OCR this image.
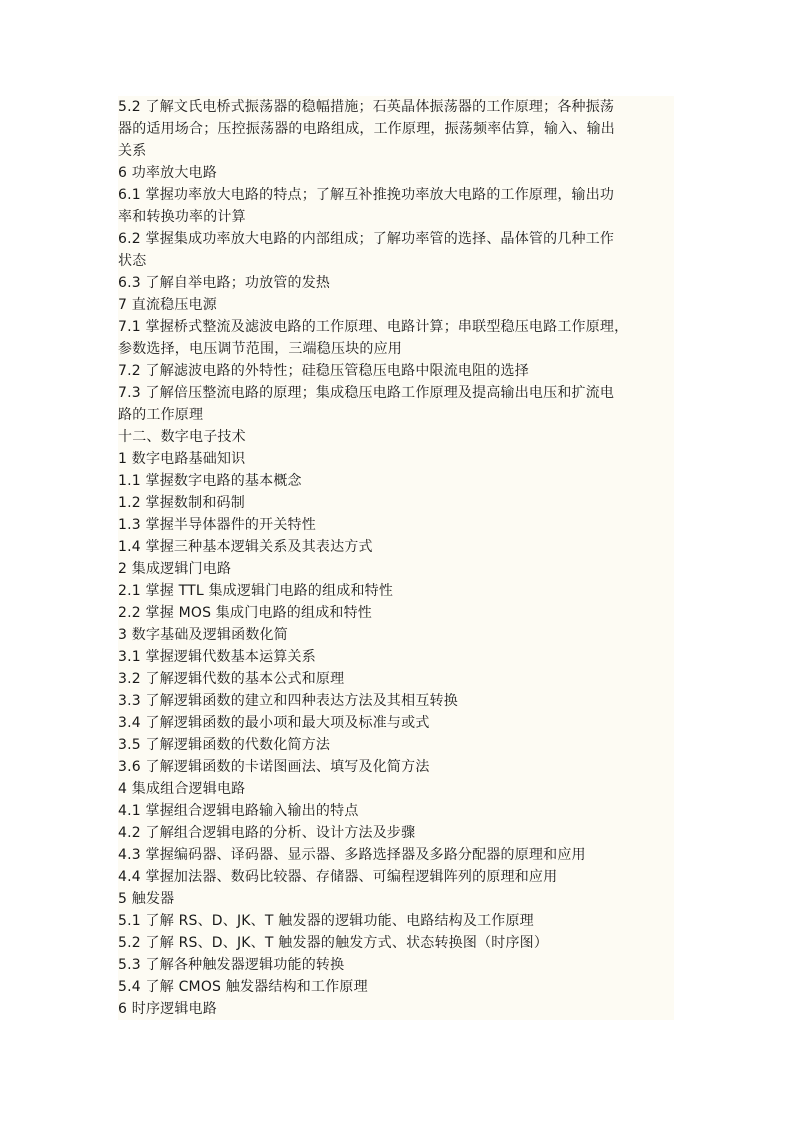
5.2 了解文氏电桥式振荡器的稳幅措施；石英晶体振荡器的工作原理；各种振荡
器的适用场合；压控振荡器的电路组成，工作原理，振荡频率估算，输入、输出
关系
6 功率放大电路
6.1 掌握功率放大电路的特点；了解互补推挽功率放大电路的工作原理，输出功
率和转换功率的计算
6.2 掌握集成功率放大电路的内部组成；了解功率管的选择、晶体管的几种工作
状态
6.3 了解自举电路；功放管的发热
7 直流稳压电源
7.1 掌握桥式整流及滤波电路的工作原理、电路计算；串联型稳压电路工作原理，
参数选择，电压调节范围，三端稳压块的应用
7.2 了解滤波电路的外特性；硅稳压管稳压电路中限流电阻的选择
7.3 了解倍压整流电路的原理；集成稳压电路工作原理及提高输出电压和扩流电
路的工作原理
十二、数字电子技术
1 数字电路基础知识
1.1 掌握数字电路的基本概念
1.2 掌握数制和码制
1.3 掌握半导体器件的开关特性
1.4 掌握三种基本逻辑关系及其表达方式
2 集成逻辑门电路
2.1 掌握 TTL 集成逻辑门电路的组成和特性
2.2 掌握 MOS 集成门电路的组成和特性
3 数字基础及逻辑函数化简
3.1 掌握逻辑代数基本运算关系
3.2 了解逻辑代数的基本公式和原理
3.3 了解逻辑函数的建立和四种表达方法及其相互转换
3.4 了解逻辑函数的最小项和最大项及标准与或式
3.5 了解逻辑函数的代数化简方法
3.6 了解逻辑函数的卡诺图画法、填写及化简方法
4 集成组合逻辑电路
4.1 掌握组合逻辑电路输入输出的特点
4.2 了解组合逻辑电路的分析、设计方法及步骤
4.3 掌握编码器、译码器、显示器、多路选择器及多路分配器的原理和应用
4.4 掌握加法器、数码比较器、存储器、可编程逻辑阵列的原理和应用
5 触发器
5.1 了解 RS、D、JK、T 触发器的逻辑功能、电路结构及工作原理
5.2 了解 RS、D、JK、T 触发器的触发方式、状态转换图（时序图）
5.3 了解各种触发器逻辑功能的转换
5.4 了解 CMOS 触发器结构和工作原理
6 时序逻辑电路
